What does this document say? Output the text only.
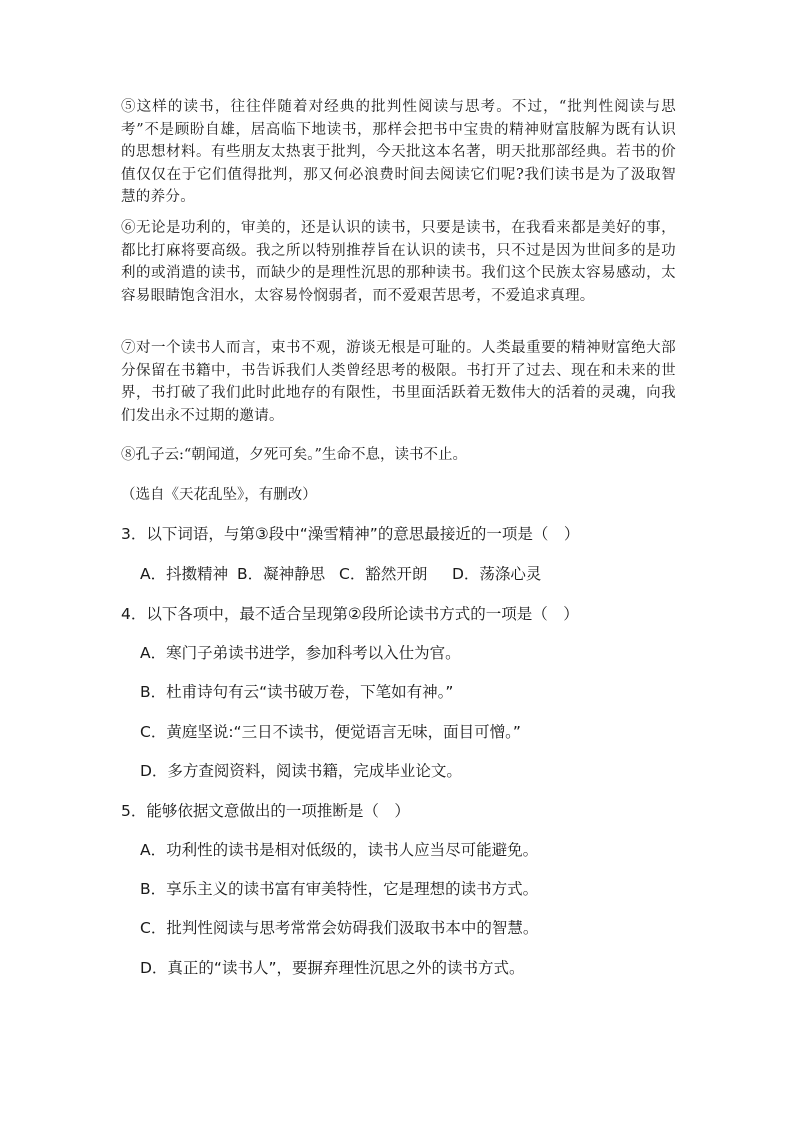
⑤这样的读书，往往伴随着对经典的批判性阅读与思考。不过，“批判性阅读与思考”不是顾盼自雄，居高临下地读书，那样会把书中宝贵的精神财富肢解为既有认识的思想材料。有些朋友太热衷于批判，今天批这本名著，明天批那部经典。若书的价值仅仅在于它们值得批判，那又何必浪费时间去阅读它们呢?我们读书是为了汲取智慧的养分。

⑥无论是功利的，审美的，还是认识的读书，只要是读书，在我看来都是美好的事，都比打麻将要高级。我之所以特别推荐旨在认识的读书，只不过是因为世间多的是功利的或消遣的读书，而缺少的是理性沉思的那种读书。我们这个民族太容易感动，太容易眼睛饱含泪水，太容易怜悯弱者，而不爱艰苦思考，不爱追求真理。

⑦对一个读书人而言，束书不观，游谈无根是可耻的。人类最重要的精神财富绝大部分保留在书籍中，书告诉我们人类曾经思考的极限。书打开了过去、现在和未来的世界，书打破了我们此时此地存的有限性，书里面活跃着无数伟大的活着的灵魂，向我们发出永不过期的邀请。

⑧孔子云:“朝闻道，夕死可矣。”生命不息，读书不止。

（选自《天花乱坠》，有删改）

3．以下词语，与第③段中“澡雪精神”的意思最接近的一项是（　）

A．抖擞精神 B．凝神静思 C．豁然开朗 D．荡涤心灵

4．以下各项中，最不适合呈现第②段所论读书方式的一项是（　）

A．寒门子弟读书进学，参加科考以入仕为官。

B．杜甫诗句有云“读书破万卷，下笔如有神。”

C．黄庭坚说:“三日不读书，便觉语言无味，面目可憎。”

D．多方查阅资料，阅读书籍，完成毕业论文。

5．能够依据文意做出的一项推断是（　）

A．功利性的读书是相对低级的，读书人应当尽可能避免。

B．享乐主义的读书富有审美特性，它是理想的读书方式。

C．批判性阅读与思考常常会妨碍我们汲取书本中的智慧。

D．真正的“读书人”，要摒弃理性沉思之外的读书方式。
